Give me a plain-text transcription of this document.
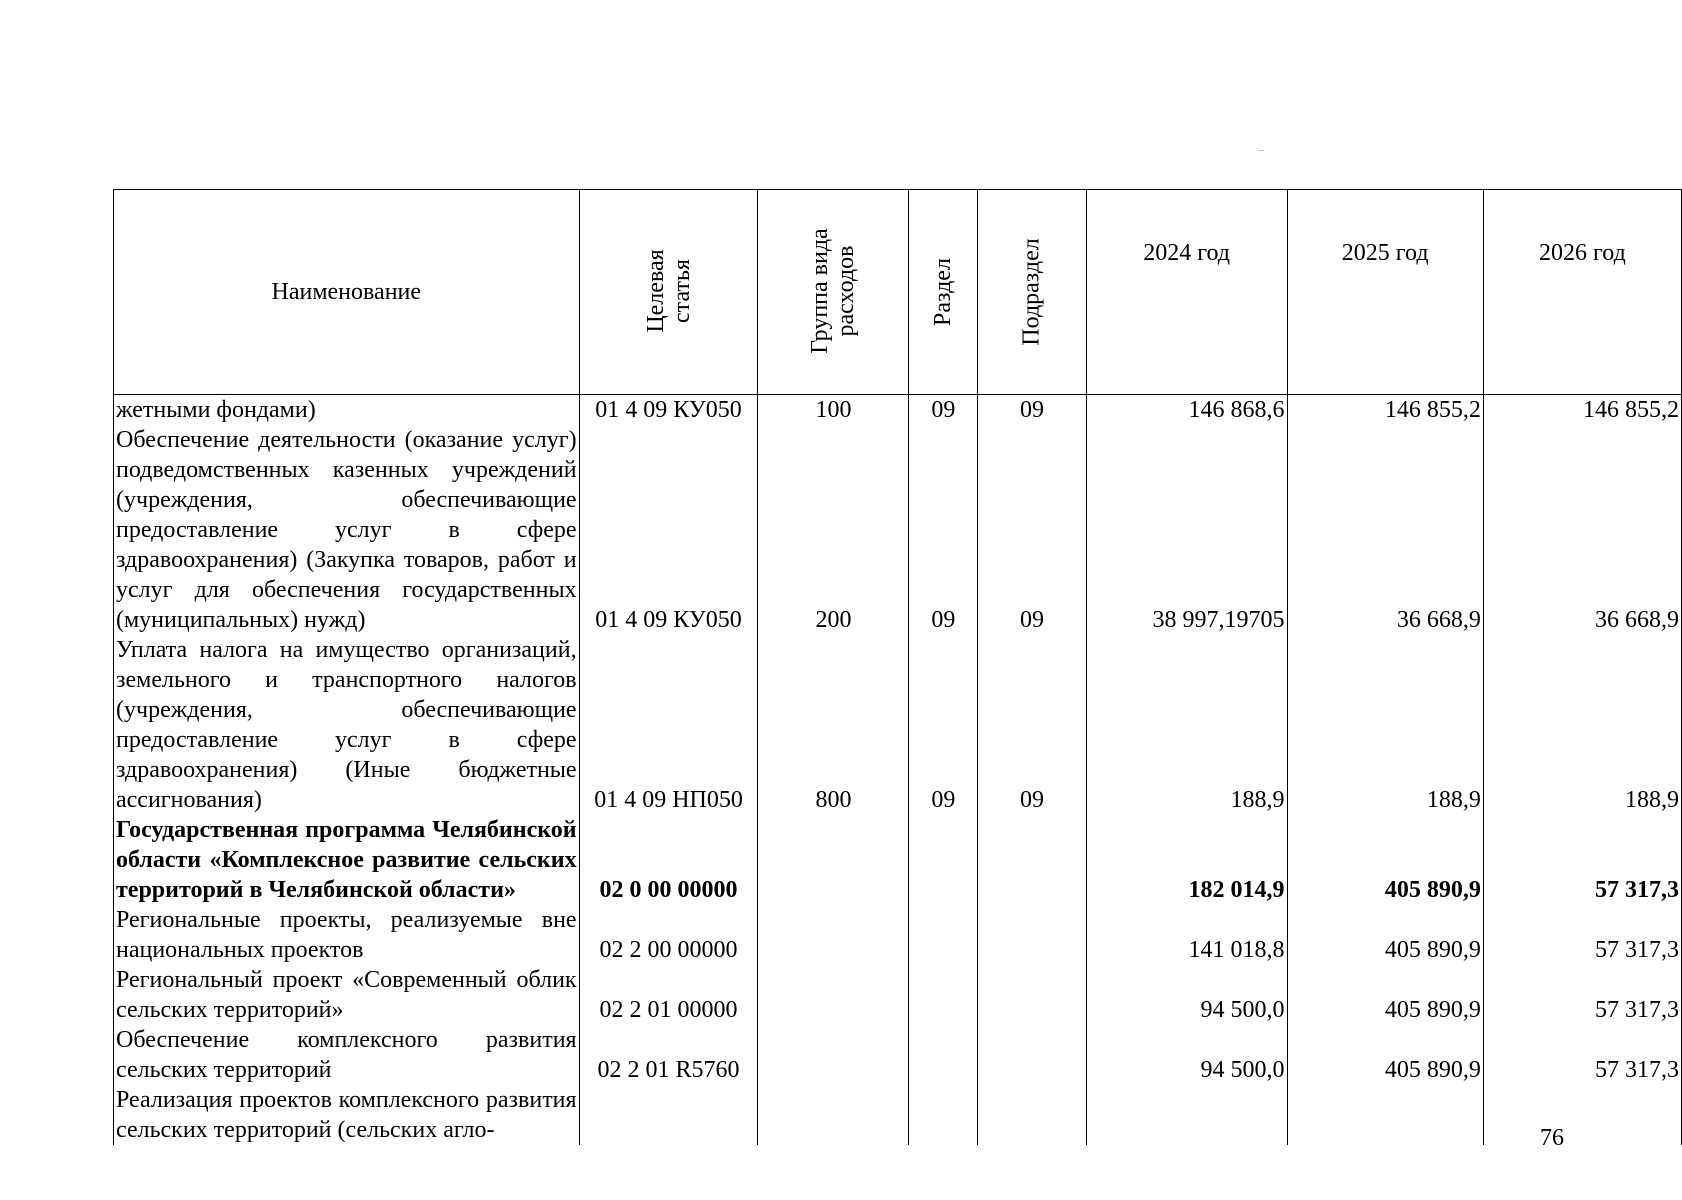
Наименование	Целевая статья	Группа вида расходов	Раздел	Подраздел	2024 год	2025 год	2026 год
жетными фондами)	01 4 09 КУ050	100	09	09	146 868,6	146 855,2	146 855,2
Обеспечение деятельности (оказание услуг) подведомственных казенных учреждений (учреждения, обеспечивающие предоставление услуг в сфере здравоохранения) (Закупка товаров, работ и услуг для обеспечения государственных (муниципальных) нужд)	01 4 09 КУ050	200	09	09	38 997,19705	36 668,9	36 668,9
Уплата налога на имущество организаций, земельного и транспортного налогов (учреждения, обеспечивающие предоставление услуг в сфере здравоохранения) (Иные бюджетные ассигнования)	01 4 09 НП050	800	09	09	188,9	188,9	188,9
Государственная программа Челябинской области «Комплексное развитие сельских территорий в Челябинской области»	02 0 00 00000				182 014,9	405 890,9	57 317,3
Региональные проекты, реализуемые вне национальных проектов	02 2 00 00000				141 018,8	405 890,9	57 317,3
Региональный проект «Современный облик сельских территорий»	02 2 01 00000				94 500,0	405 890,9	57 317,3
Обеспечение комплексного развития сельских территорий	02 2 01 R5760				94 500,0	405 890,9	57 317,3
Реализация проектов комплексного развития сельских территорий (сельских агло-								76
